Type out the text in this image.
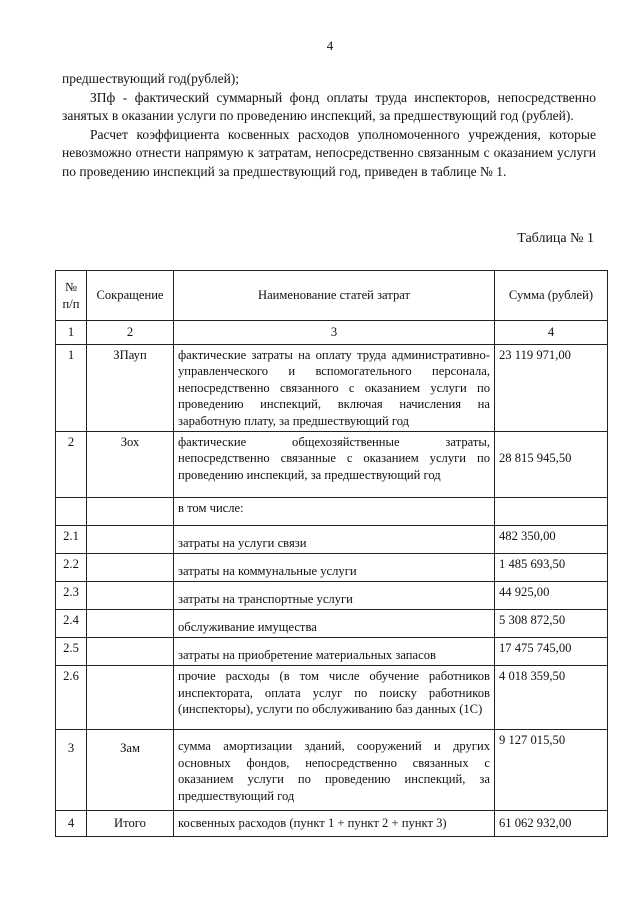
4

предшествующий год(рублей);

ЗПф - фактический суммарный фонд оплаты труда инспекторов, непосредственно занятых в оказании услуги по проведению инспекций, за предшествующий год (рублей).

Расчет коэффициента косвенных расходов уполномоченного учреждения, которые невозможно отнести напрямую к затратам, непосредственно связанным с оказанием услуги по проведению инспекций за предшествующий год, приведен в таблице № 1.

Таблица № 1
№ п/п	Сокращение	Наименование статей затрат	Сумма (рублей)
1	2	3	4
1	ЗПауп	фактические затраты на оплату труда административно-управленческого и вспомогательного персонала, непосредственно связанного с оказанием услуги по проведению инспекций, включая начисления на заработную плату, за предшествующий год	23 119 971,00
2	Зох	фактические общехозяйственные затраты, непосредственно связанные с оказанием услуги по проведению инспекций, за предшествующий год	28 815 945,50
		в том числе:	
2.1		затраты на услуги связи	482 350,00
2.2		затраты на коммунальные услуги	1 485 693,50
2.3		затраты на транспортные услуги	44 925,00
2.4		обслуживание имущества	5 308 872,50
2.5		затраты на приобретение материальных запасов	17 475 745,00
2.6		прочие расходы (в том числе обучение работников инспектората, оплата услуг по поиску работников (инспекторы), услуги по обслуживанию баз данных (1С)	4 018 359,50
3	Зам	сумма амортизации зданий, сооружений и других основных фондов, непосредственно связанных с оказанием услуги по проведению инспекций, за предшествующий год	9 127 015,50
4	Итого	косвенных расходов (пункт 1 + пункт 2 + пункт 3)	61 062 932,00
